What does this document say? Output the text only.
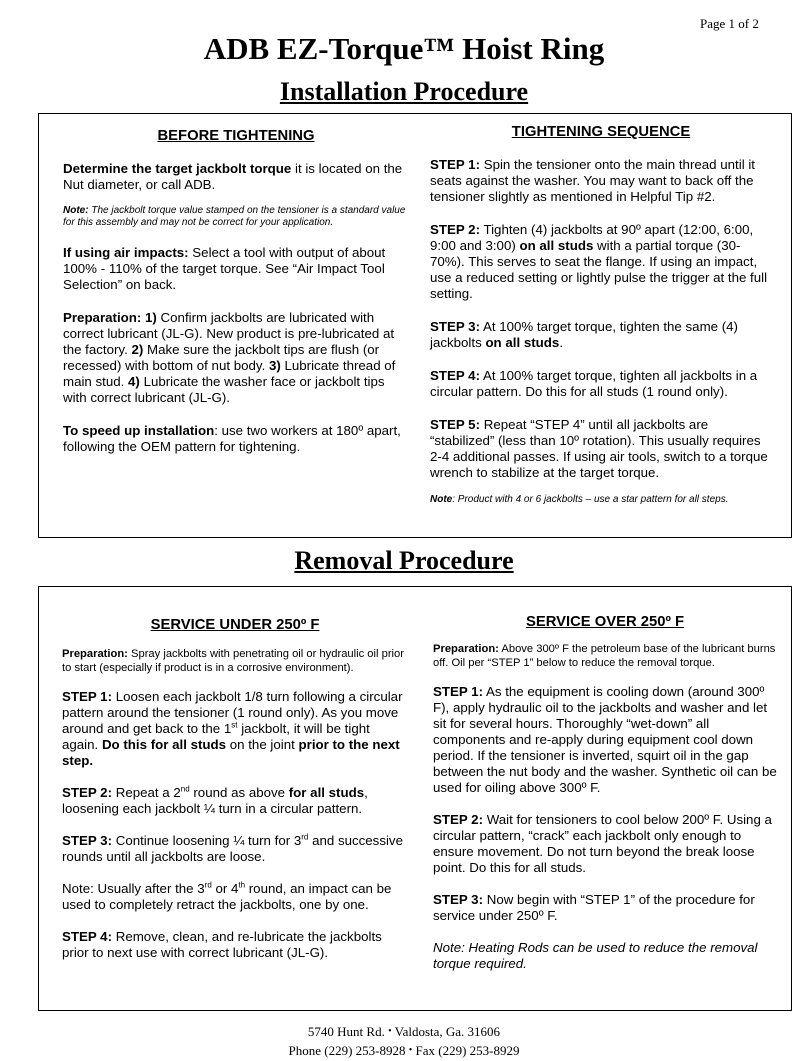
Page 1 of 2
ADB EZ-Torque™ Hoist Ring
Installation Procedure

BEFORE TIGHTENING

Determine the target jackbolt torque it is located on the Nut diameter, or call ADB.

Note: The jackbolt torque value stamped on the tensioner is a standard value for this assembly and may not be correct for your application.

If using air impacts: Select a tool with output of about 100% - 110% of the target torque. See “Air Impact Tool Selection” on back.

Preparation: 1) Confirm jackbolts are lubricated with correct lubricant (JL-G). New product is pre-lubricated at the factory. 2) Make sure the jackbolt tips are flush (or recessed) with bottom of nut body. 3) Lubricate thread of main stud. 4) Lubricate the washer face or jackbolt tips with correct lubricant (JL-G).

To speed up installation: use two workers at 180º apart, following the OEM pattern for tightening.

TIGHTENING SEQUENCE

STEP 1: Spin the tensioner onto the main thread until it seats against the washer. You may want to back off the tensioner slightly as mentioned in Helpful Tip #2.

STEP 2: Tighten (4) jackbolts at 90º apart (12:00, 6:00, 9:00 and 3:00) on all studs with a partial torque (30-70%). This serves to seat the flange. If using an impact, use a reduced setting or lightly pulse the trigger at the full setting.

STEP 3: At 100% target torque, tighten the same (4) jackbolts on all studs.

STEP 4: At 100% target torque, tighten all jackbolts in a circular pattern. Do this for all studs (1 round only).

STEP 5: Repeat “STEP 4” until all jackbolts are “stabilized” (less than 10º rotation). This usually requires 2-4 additional passes. If using air tools, switch to a torque wrench to stabilize at the target torque.

Note: Product with 4 or 6 jackbolts – use a star pattern for all steps.

Removal Procedure

SERVICE UNDER 250º F

Preparation: Spray jackbolts with penetrating oil or hydraulic oil prior to start (especially if product is in a corrosive environment).

STEP 1: Loosen each jackbolt 1/8 turn following a circular pattern around the tensioner (1 round only). As you move around and get back to the 1st jackbolt, it will be tight again. Do this for all studs on the joint prior to the next step.

STEP 2: Repeat a 2nd round as above for all studs, loosening each jackbolt ¼ turn in a circular pattern.

STEP 3: Continue loosening ¼ turn for 3rd and successive rounds until all jackbolts are loose.

Note: Usually after the 3rd or 4th round, an impact can be used to completely retract the jackbolts, one by one.

STEP 4: Remove, clean, and re-lubricate the jackbolts prior to next use with correct lubricant (JL-G).

SERVICE OVER 250º F

Preparation: Above 300º F the petroleum base of the lubricant burns off. Oil per “STEP 1” below to reduce the removal torque.

STEP 1: As the equipment is cooling down (around 300º F), apply hydraulic oil to the jackbolts and washer and let sit for several hours. Thoroughly “wet-down” all components and re-apply during equipment cool down period. If the tensioner is inverted, squirt oil in the gap between the nut body and the washer. Synthetic oil can be used for oiling above 300º F.

STEP 2: Wait for tensioners to cool below 200º F. Using a circular pattern, “crack” each jackbolt only enough to ensure movement. Do not turn beyond the break loose point. Do this for all studs.

STEP 3: Now begin with “STEP 1” of the procedure for service under 250º F.

Note: Heating Rods can be used to reduce the removal torque required.

5740 Hunt Rd. • Valdosta, Ga. 31606
Phone (229) 253-8928 • Fax (229) 253-8929
